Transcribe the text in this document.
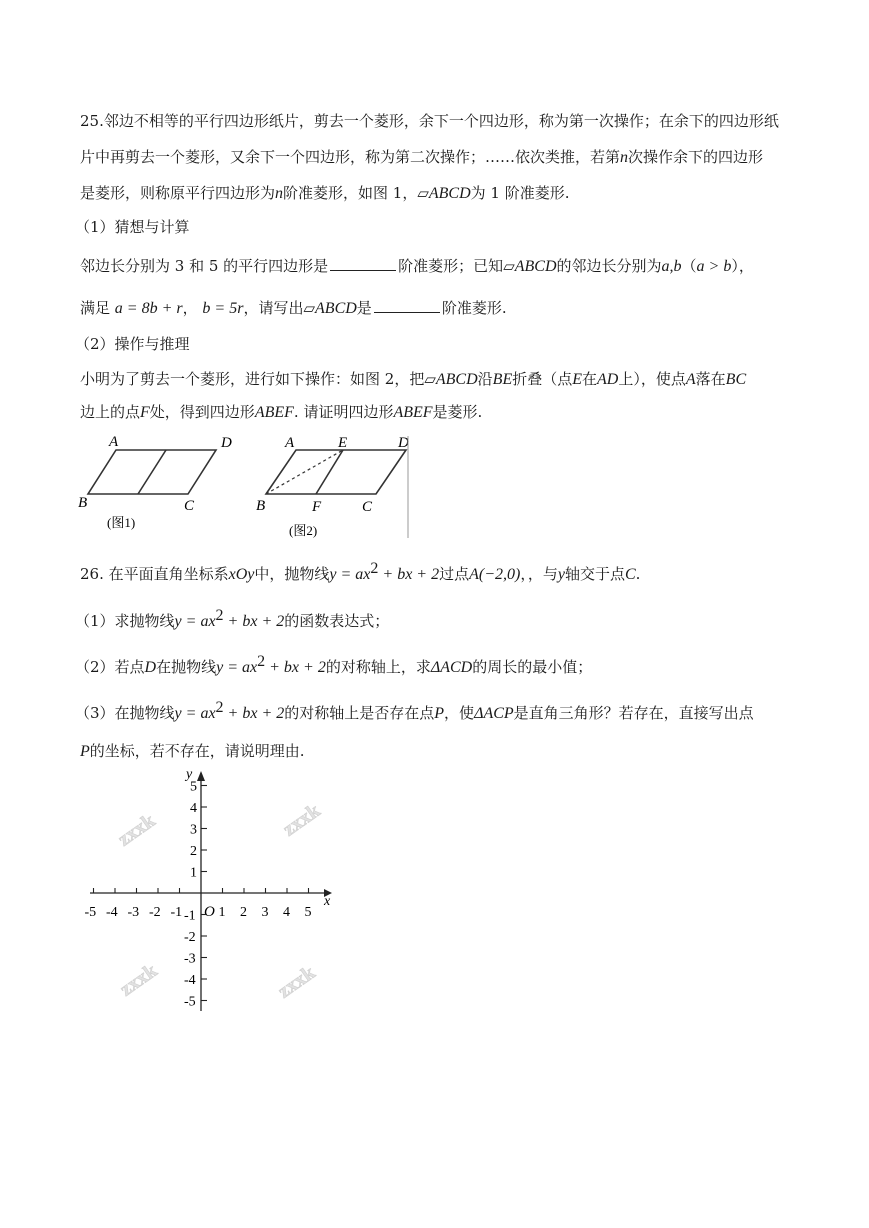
25.邻边不相等的平行四边形纸片，剪去一个菱形，余下一个四边形，称为第一次操作；在余下的四边形纸
片中再剪去一个菱形，又余下一个四边形，称为第二次操作；……依次类推，若第n次操作余下的四边形
是菱形，则称原平行四边形为n阶准菱形，如图 1，▱ABCD为 1 阶准菱形.
（1）猜想与计算
邻边长分别为 3 和 5 的平行四边形是	阶准菱形；已知▱ABCD的邻边长分别为a,b（a > b），
满足 a = 8b + r， b = 5r，请写出▱ABCD是	阶准菱形.
（2）操作与推理
小明为了剪去一个菱形，进行如下操作：如图 2，把▱ABCD沿BE折叠（点E在AD上），使点A落在BC
边上的点F处，得到四边形ABEF. 请证明四边形ABEF是菱形.
A	D
B	C
(图1)
A	E	D
B	F	C
(图2)
26. 在平面直角坐标系xOy中，抛物线$y = ax^2$ + bx + 2过点A(−2,0)，，与y轴交于点C.
（1）求抛物线$y = ax^2$ + bx + 2的函数表达式；
（2）若点D在抛物线$y = ax^2$ + bx + 2的对称轴上，求ΔACD的周长的最小值；
（3）在抛物线$y = ax^2$ + bx + 2的对称轴上是否存在点P，使ΔACP是直角三角形？若存在，直接写出点
P的坐标，若不存在，请说明理由.
zxxk	zxxk
zxxk	zxxk
x
y
O
-5 -4 -3 -2 -1	1 2 3 4 5
5
4
3
2
1
-1
-2
-3
-4
-5
